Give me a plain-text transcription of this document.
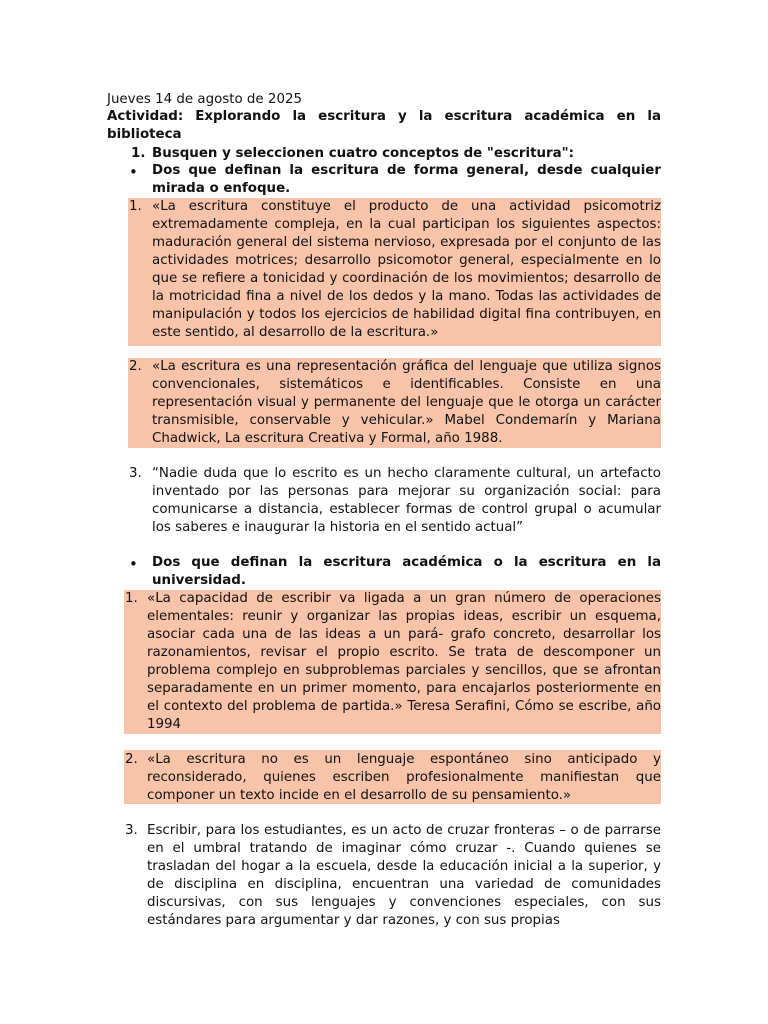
Jueves 14 de agosto de 2025

Actividad: Explorando la escritura y la escritura académica en la biblioteca

1. Busquen y seleccionen cuatro conceptos de "escritura":

• Dos que definan la escritura de forma general, desde cualquier mirada o enfoque.

1. «La escritura constituye el producto de una actividad psicomotriz extremadamente compleja, en la cual participan los siguientes aspectos: maduración general del sistema nervioso, expresada por el conjunto de las actividades motrices; desarrollo psicomotor general, especialmente en lo que se refiere a tonicidad y coordinación de los movimientos; desarrollo de la motricidad fina a nivel de los dedos y la mano. Todas las actividades de manipulación y todos los ejercicios de habilidad digital fina contribuyen, en este sentido, al desarrollo de la escritura.»

2. «La escritura es una representación gráfica del lenguaje que utiliza signos convencionales, sistemáticos e identificables. Consiste en una representación visual y permanente del lenguaje que le otorga un carácter transmisible, conservable y vehicular.» Mabel Condemarín y Mariana Chadwick, La escritura Creativa y Formal, año 1988.

3. “Nadie duda que lo escrito es un hecho claramente cultural, un artefacto inventado por las personas para mejorar su organización social: para comunicarse a distancia, establecer formas de control grupal o acumular los saberes e inaugurar la historia en el sentido actual”

• Dos que definan la escritura académica o la escritura en la universidad.

1. «La capacidad de escribir va ligada a un gran número de operaciones elementales: reunir y organizar las propias ideas, escribir un esquema, asociar cada una de las ideas a un pará- grafo concreto, desarrollar los razonamientos, revisar el propio escrito. Se trata de descomponer un problema complejo en subproblemas parciales y sencillos, que se afrontan separadamente en un primer momento, para encajarlos posteriormente en el contexto del problema de partida.» Teresa Serafini, Cómo se escribe, año 1994

2. «La escritura no es un lenguaje espontáneo sino anticipado y reconsiderado, quienes escriben profesionalmente manifiestan que componer un texto incide en el desarrollo de su pensamiento.»

3. Escribir, para los estudiantes, es un acto de cruzar fronteras – o de parrarse en el umbral tratando de imaginar cómo cruzar -. Cuando quienes se trasladan del hogar a la escuela, desde la educación inicial a la superior, y de disciplina en disciplina, encuentran una variedad de comunidades discursivas, con sus lenguajes y convenciones especiales, con sus estándares para argumentar y dar razones, y con sus propias
